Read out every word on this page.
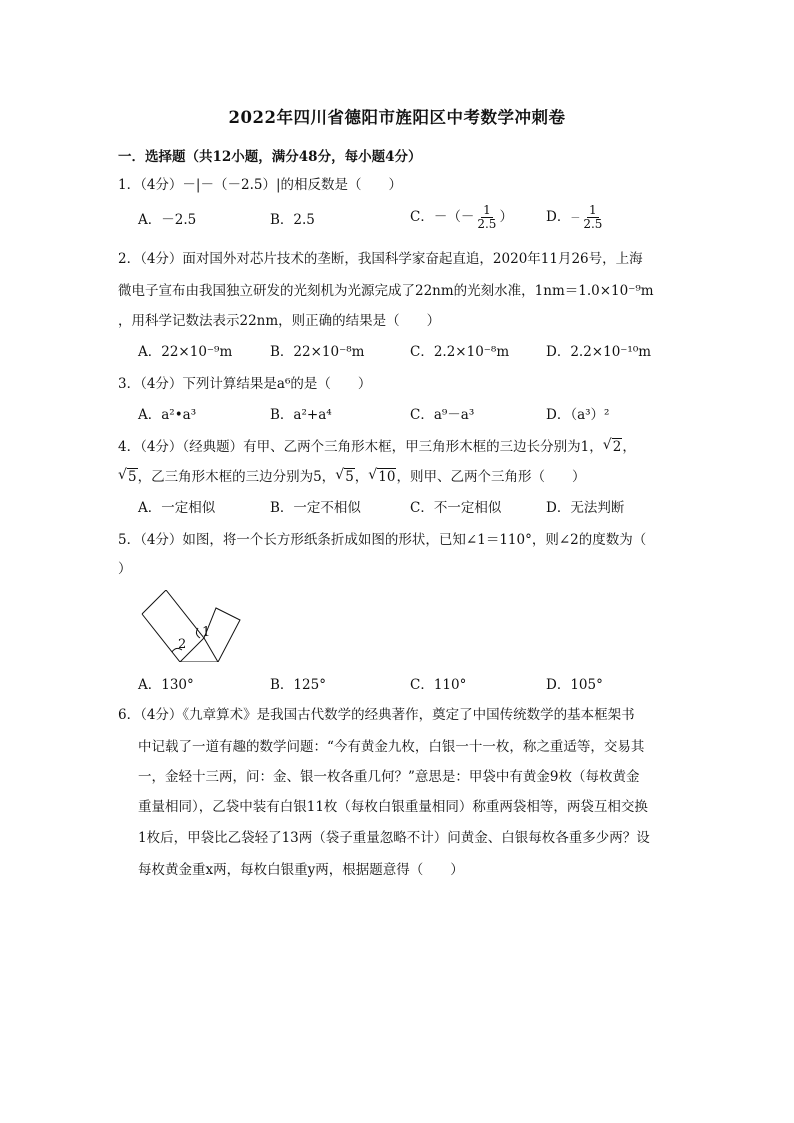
2022年四川省德阳市旌阳区中考数学冲刺卷
一．选择题（共12小题，满分48分，每小题4分）
1．（4分）－|－（－2.5）|的相反数是（　　）
A．－2.5	B．2.5	C．－（－ $\frac{1}{2.5}$ ） D．－ $\frac{1}{2.5}$
2．（4分）面对国外对芯片技术的垄断，我国科学家奋起直追，2020年11月26号，上海
微电子宣布由我国独立研发的光刻机为光源完成了22nm的光刻水准，1nm＝1.0×10⁻⁹m
，用科学记数法表示22nm，则正确的结果是（　　）
A．22×10⁻⁹m	B．22×10⁻⁸m	C．2.2×10⁻⁸m	D．2.2×10⁻¹⁰m
3．（4分）下列计算结果是a⁶的是（　　）
A．a²•a³	B．a²+a⁴	C．a⁹－a³	D．（a³）²
4．（4分）（经典题）有甲、乙两个三角形木框，甲三角形木框的三边长分别为1， √ 2，
√ 5，乙三角形木框的三边分别为5， √ 5， √ 10，则甲、乙两个三角形（　　）
A．一定相似	B．一定不相似	C．不一定相似	D．无法判断
5．（4分）如图，将一个长方形纸条折成如图的形状，已知∠1＝110°，则∠2的度数为（
）
2
1
A．130°	B．125°	C．110°	D．105°
6．（4分）《九章算术》是我国古代数学的经典著作，奠定了中国传统数学的基本框架书
中记载了一道有趣的数学问题：“今有黄金九枚，白银一十一枚，称之重适等，交易其
一，金轻十三两，问：金、银一枚各重几何？”意思是：甲袋中有黄金9枚（每枚黄金
重量相同），乙袋中装有白银11枚（每枚白银重量相同）称重两袋相等，两袋互相交换
1枚后，甲袋比乙袋轻了13两（袋子重量忽略不计）问黄金、白银每枚各重多少两？设
每枚黄金重x两，每枚白银重y两，根据题意得（　　）
